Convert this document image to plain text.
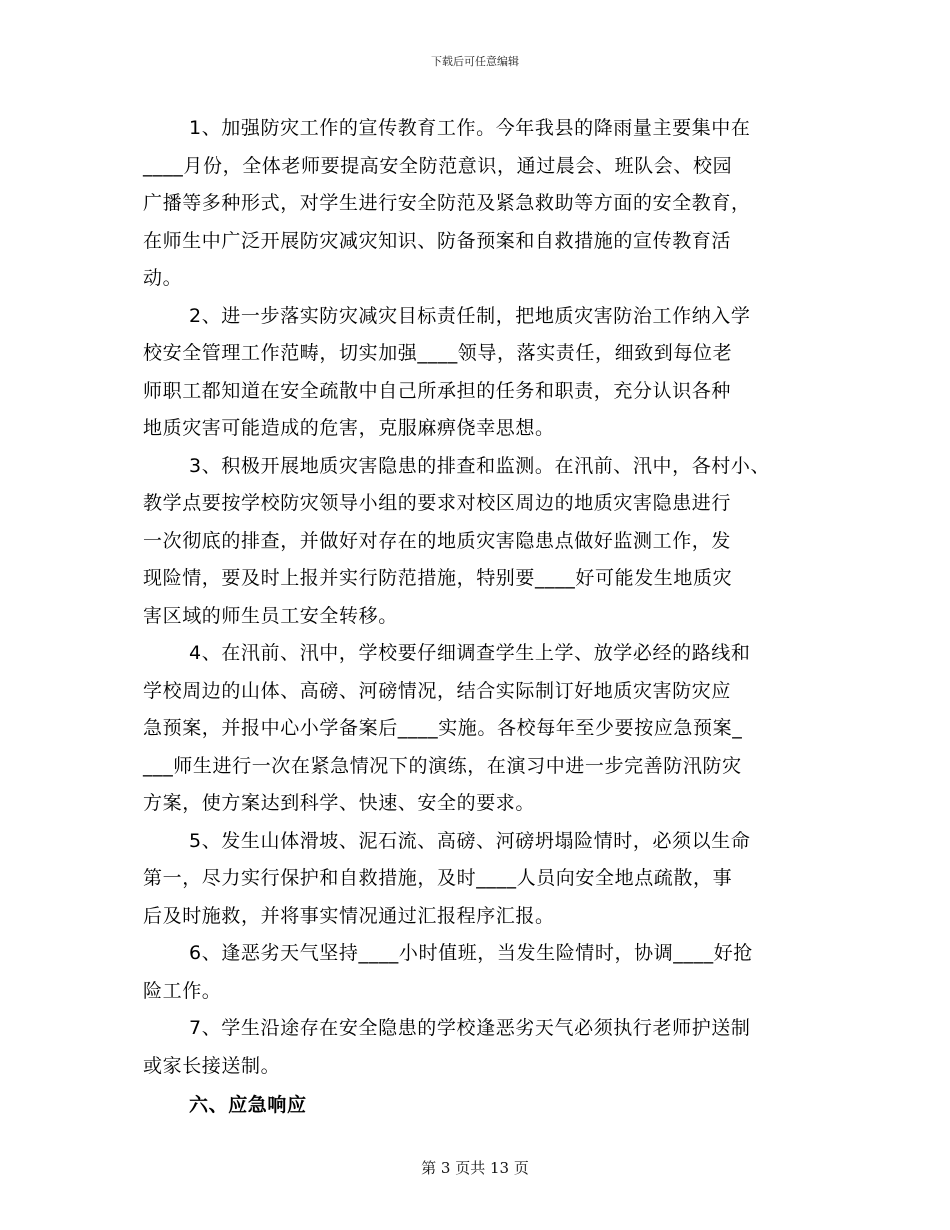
下载后可任意编辑
1、加强防灾工作的宣传教育工作。今年我县的降雨量主要集中在
____月份，全体老师要提高安全防范意识，通过晨会、班队会、校园
广播等多种形式，对学生进行安全防范及紧急救助等方面的安全教育，
在师生中广泛开展防灾减灾知识、防备预案和自救措施的宣传教育活
动。
2、进一步落实防灾减灾目标责任制，把地质灾害防治工作纳入学
校安全管理工作范畴，切实加强____领导，落实责任，细致到每位老
师职工都知道在安全疏散中自己所承担的任务和职责，充分认识各种
地质灾害可能造成的危害，克服麻痹侥幸思想。
3、积极开展地质灾害隐患的排查和监测。在汛前、汛中，各村小、
教学点要按学校防灾领导小组的要求对校区周边的地质灾害隐患进行
一次彻底的排查，并做好对存在的地质灾害隐患点做好监测工作，发
现险情，要及时上报并实行防范措施，特别要____好可能发生地质灾
害区域的师生员工安全转移。
4、在汛前、汛中，学校要仔细调查学生上学、放学必经的路线和
学校周边的山体、高磅、河磅情况，结合实际制订好地质灾害防灾应
急预案，并报中心小学备案后____实施。各校每年至少要按应急预案_
___师生进行一次在紧急情况下的演练，在演习中进一步完善防汛防灾
方案，使方案达到科学、快速、安全的要求。
5、发生山体滑坡、泥石流、高磅、河磅坍塌险情时，必须以生命
第一，尽力实行保护和自救措施，及时____人员向安全地点疏散，事
后及时施救，并将事实情况通过汇报程序汇报。
6、逢恶劣天气坚持____小时值班，当发生险情时，协调____好抢
险工作。
7、学生沿途存在安全隐患的学校逢恶劣天气必须执行老师护送制
或家长接送制。
六、应急响应
第 3 页共 13 页
